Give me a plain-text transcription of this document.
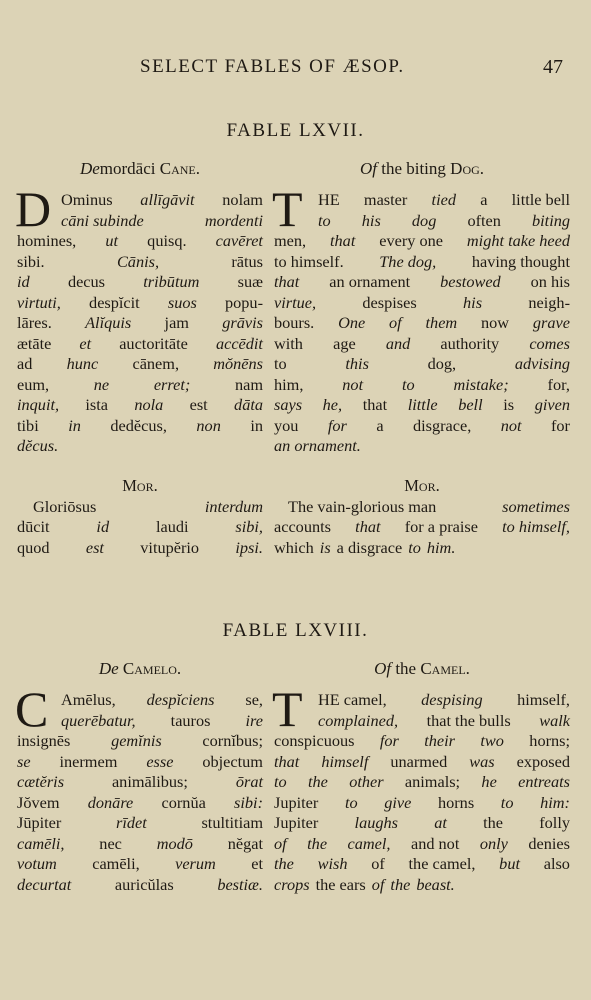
SELECT FABLES OF ÆSOP.	47
FABLE LXVII.
Demordāci Cane.
D Ominus allīgāvit nolam
cāni subinde	mordenti
homines, ut quisq. cavēret
sibi.	Cānis,	rātus
id decus tribūtum suæ
virtuti, despĭcit suos popu-
lāres. Alĭquis jam grāvis
ætāte et auctoritāte accēdit
ad hunc cānem, mŏnēns
eum,	ne	erret;	nam
inquit, ista nola est dāta
tibi in dedĕcus, non in
dĕcus.
Mor.
Gloriōsus	interdum
dūcit	id	laudi	sibi,
quod est vitupĕrio ipsi.
Of the biting Dog.
T HE master tied a little bell
to his dog often biting
men, that every one might take heed
to himself. The dog, having thought
that an ornament bestowed on his
virtue,	despises	his	neigh-
bours. One of them now grave
with age and authority comes
to	this	dog,	advising
him, not to mistake; for,
says he, that little bell is given
you for a disgrace, not for
an ornament.
Mor.
The vain-glorious man	sometimes
accounts that for a praise to himself,
which is a disgrace to him.
FABLE LXVIII.
De Camelo.
C Amēlus, despĭciens se,
querēbatur, tauros ire
insignēs gemĭnis cornĭbus;
se inermem esse objectum
cætĕris	animālibus;	ōrat
Jŏvem donāre cornŭa sibi:
Jūpiter	rīdet	stultitiam
camēli, nec modō nĕgat
votum camēli, verum et
decurtat	auricŭlas	bestiæ.
Of the Camel.
T HE camel, despising himself,
complained, that the bulls walk
conspicuous for their two horns;
that himself unarmed was exposed
to the other animals; he entreats
Jupiter to give horns to him:
Jupiter laughs at the folly
of the camel, and not only denies
the wish of the camel, but also
crops the ears of the beast.
